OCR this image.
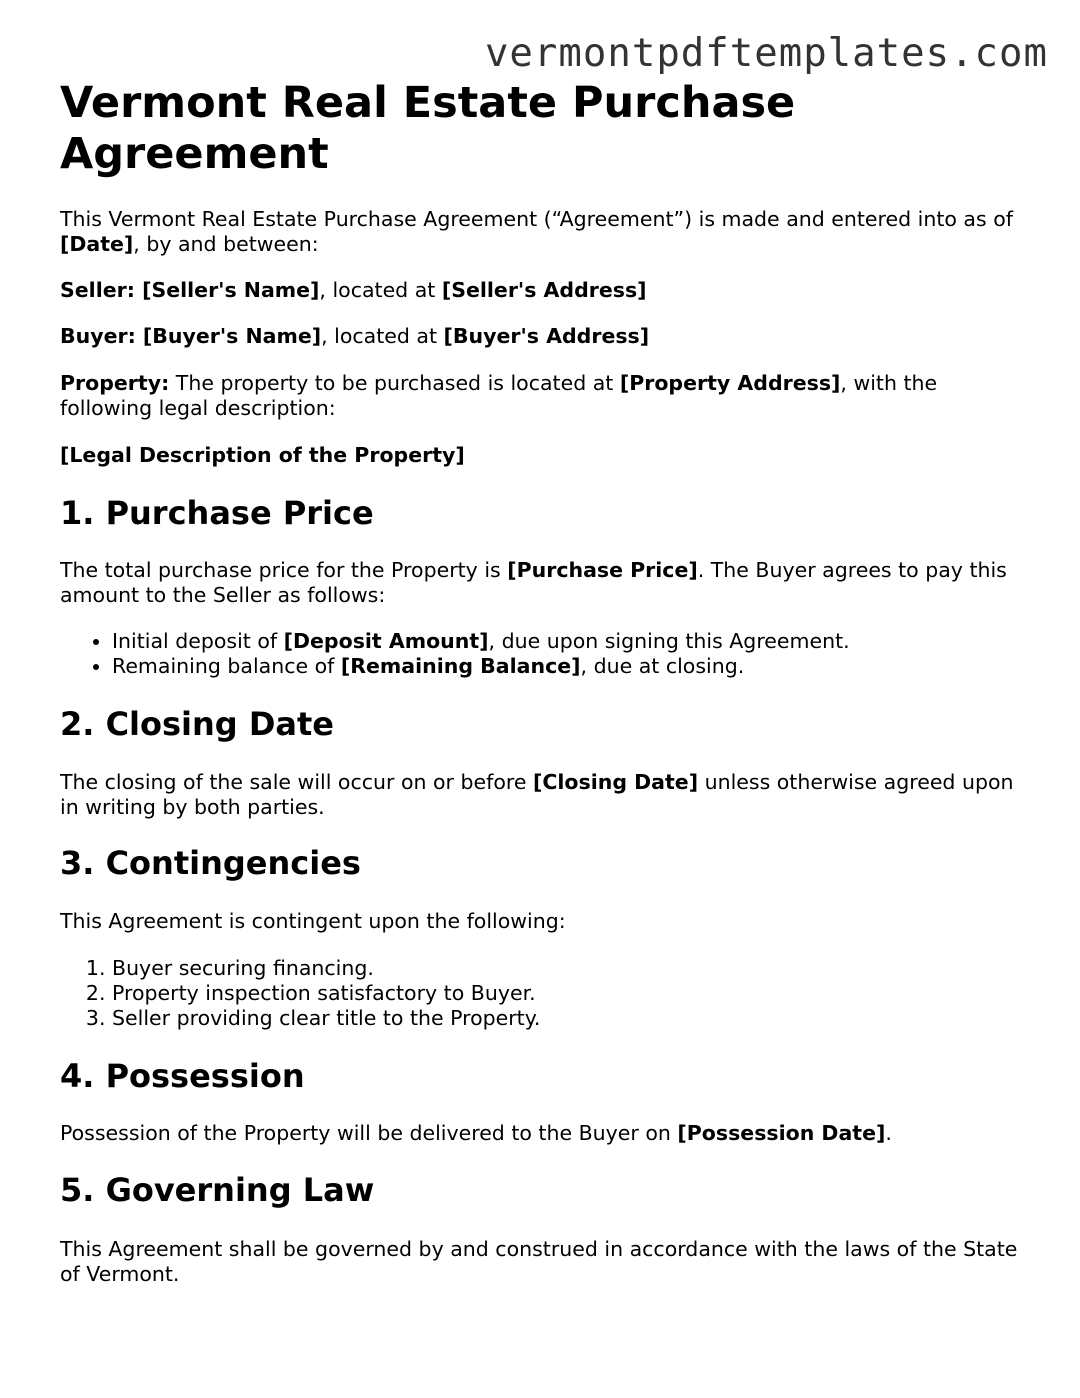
vermontpdftemplates.com
Vermont Real Estate Purchase Agreement

This Vermont Real Estate Purchase Agreement (“Agreement”) is made and entered into as of [Date], by and between:

Seller: [Seller's Name], located at [Seller's Address]

Buyer: [Buyer's Name], located at [Buyer's Address]

Property: The property to be purchased is located at [Property Address], with the following legal description:

[Legal Description of the Property]

1. Purchase Price

The total purchase price for the Property is [Purchase Price]. The Buyer agrees to pay this amount to the Seller as follows:

• Initial deposit of [Deposit Amount], due upon signing this Agreement.
• Remaining balance of [Remaining Balance], due at closing.
2. Closing Date

The closing of the sale will occur on or before [Closing Date] unless otherwise agreed upon in writing by both parties.

3. Contingencies

This Agreement is contingent upon the following:

1. Buyer securing financing.
2. Property inspection satisfactory to Buyer.
3. Seller providing clear title to the Property.
4. Possession

Possession of the Property will be delivered to the Buyer on [Possession Date].

5. Governing Law

This Agreement shall be governed by and construed in accordance with the laws of the State of Vermont.
